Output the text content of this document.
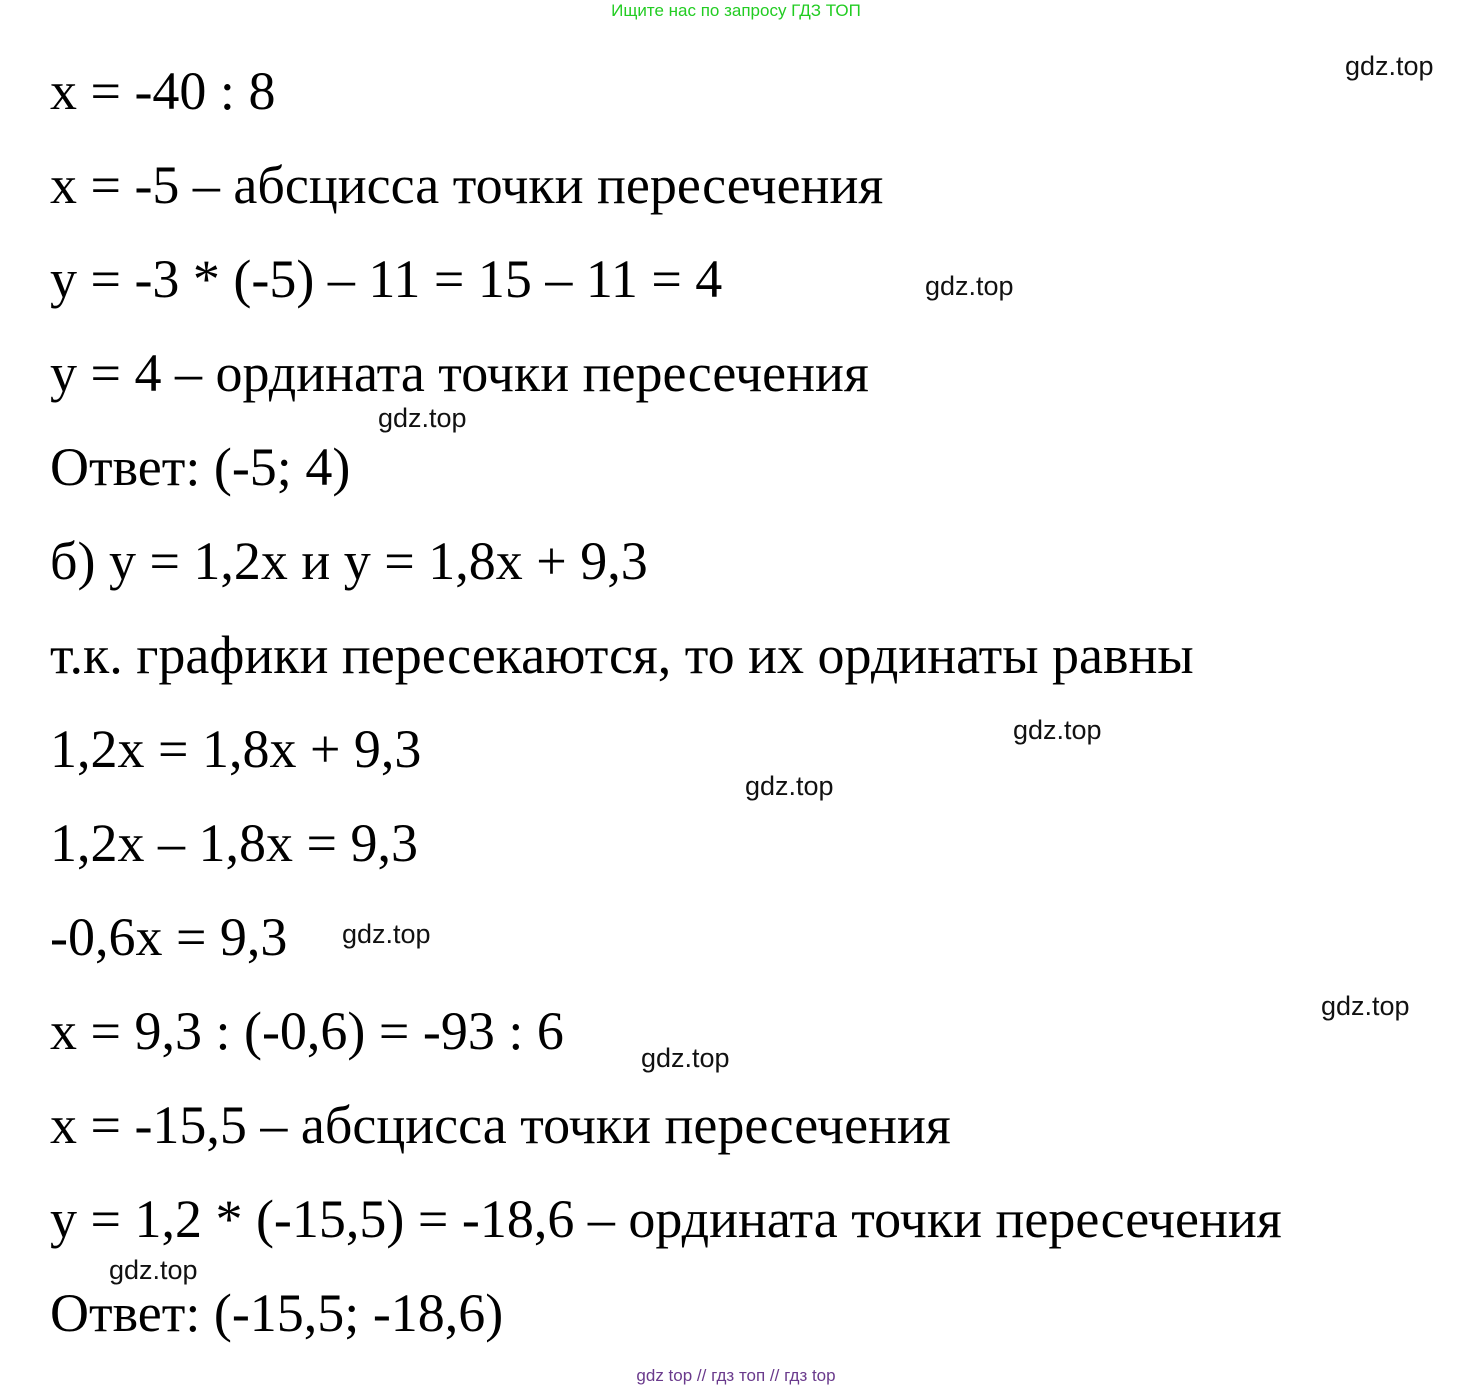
Ищите нас по запросу ГДЗ ТОП
x = -40 : 8
x = -5 – абсцисса точки пересечения
y = -3 * (-5) – 11 = 15 – 11 = 4
y = 4 – ордината точки пересечения
Ответ: (-5; 4)
б) y = 1,2x и y = 1,8x + 9,3
т.к. графики пересекаются, то их ординаты равны
1,2x = 1,8x + 9,3
1,2x – 1,8x = 9,3
-0,6x = 9,3
x = 9,3 : (-0,6) = -93 : 6
x = -15,5 – абсцисса точки пересечения
y = 1,2 * (-15,5) = -18,6 – ордината точки пересечения
Ответ: (-15,5; -18,6)
gdz.top
gdz.top
gdz.top
gdz.top
gdz.top
gdz.top
gdz.top
gdz.top
gdz.top
gdz top // гдз топ // гдз top
